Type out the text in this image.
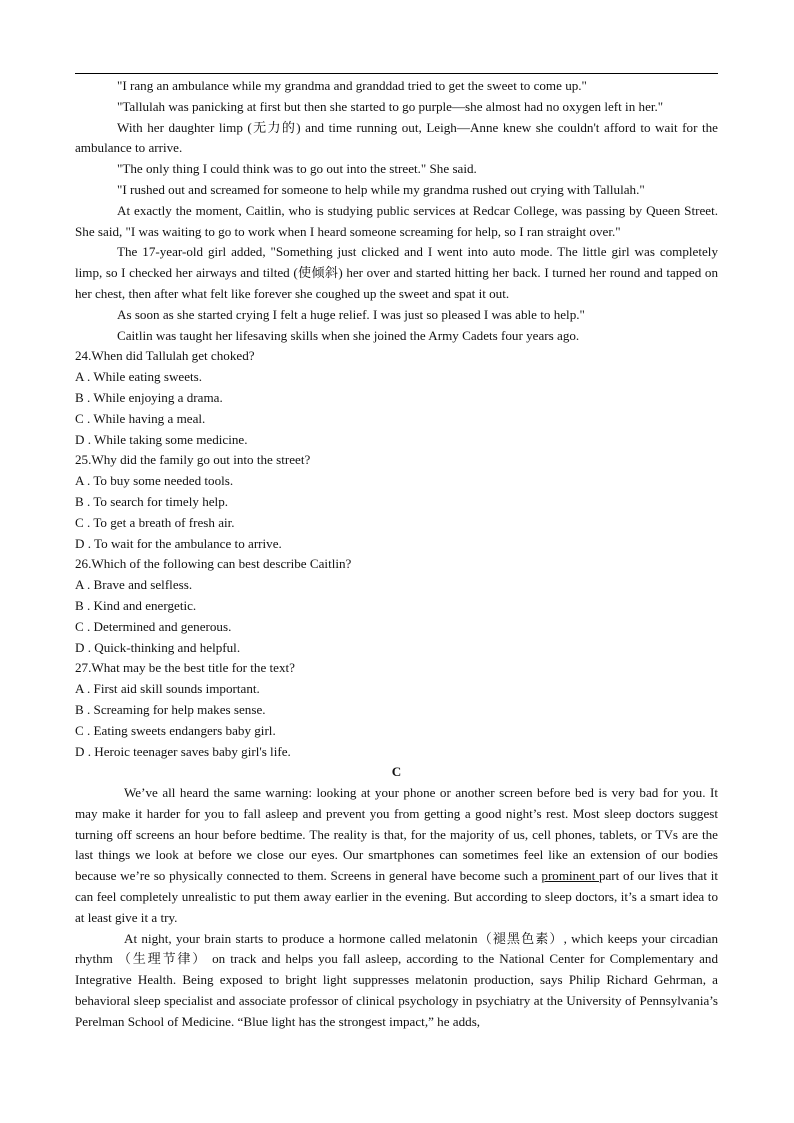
"I rang an ambulance while my grandma and granddad tried to get the sweet to come up."

"Tallulah was panicking at first but then she started to go purple—she almost had no oxygen left in her."

With her daughter limp (无力的) and time running out, Leigh—Anne knew she couldn't afford to wait for the ambulance to arrive.

"The only thing I could think was to go out into the street." She said.

"I rushed out and screamed for someone to help while my grandma rushed out crying with Tallulah."

At exactly the moment, Caitlin, who is studying public services at Redcar College, was passing by Queen Street. She said, "I was waiting to go to work when I heard someone screaming for help, so I ran straight over."

The 17-year-old girl added, "Something just clicked and I went into auto mode. The little girl was completely limp, so I checked her airways and tilted (使倾斜) her over and started hitting her back. I turned her round and tapped on her chest, then after what felt like forever she coughed up the sweet and spat it out.

As soon as she started crying I felt a huge relief. I was just so pleased I was able to help."

Caitlin was taught her lifesaving skills when she joined the Army Cadets four years ago.

24.When did Tallulah get choked?

A . While eating sweets.

B . While enjoying a drama.

C . While having a meal.

D . While taking some medicine.

25.Why did the family go out into the street?

A . To buy some needed tools.

B . To search for timely help.

C . To get a breath of fresh air.

D . To wait for the ambulance to arrive.

26.Which of the following can best describe Caitlin?

A . Brave and selfless.

B . Kind and energetic.

C . Determined and generous.

D . Quick-thinking and helpful.

27.What may be the best title for the text?

A . First aid skill sounds important.

B . Screaming for help makes sense.

C . Eating sweets endangers baby girl.

D . Heroic teenager saves baby girl's life.

C

We’ve all heard the same warning: looking at your phone or another screen before bed is very bad for you. It may make it harder for you to fall asleep and prevent you from getting a good night’s rest. Most sleep doctors suggest turning off screens an hour before bedtime. The reality is that, for the majority of us, cell phones, tablets, or TVs are the last things we look at before we close our eyes. Our smartphones can sometimes feel like an extension of our bodies because we’re so physically connected to them. Screens in general have become such a prominent part of our lives that it can feel completely unrealistic to put them away earlier in the evening. But according to sleep doctors, it’s a smart idea to at least give it a try.

At night, your brain starts to produce a hormone called melatonin（褪黑色素）, which keeps your circadian rhythm （生理节律） on track and helps you fall asleep, according to the National Center for Complementary and Integrative Health. Being exposed to bright light suppresses melatonin production, says Philip Richard Gehrman, a behavioral sleep specialist and associate professor of clinical psychology in psychiatry at the University of Pennsylvania’s Perelman School of Medicine. “Blue light has the strongest impact,” he adds,
